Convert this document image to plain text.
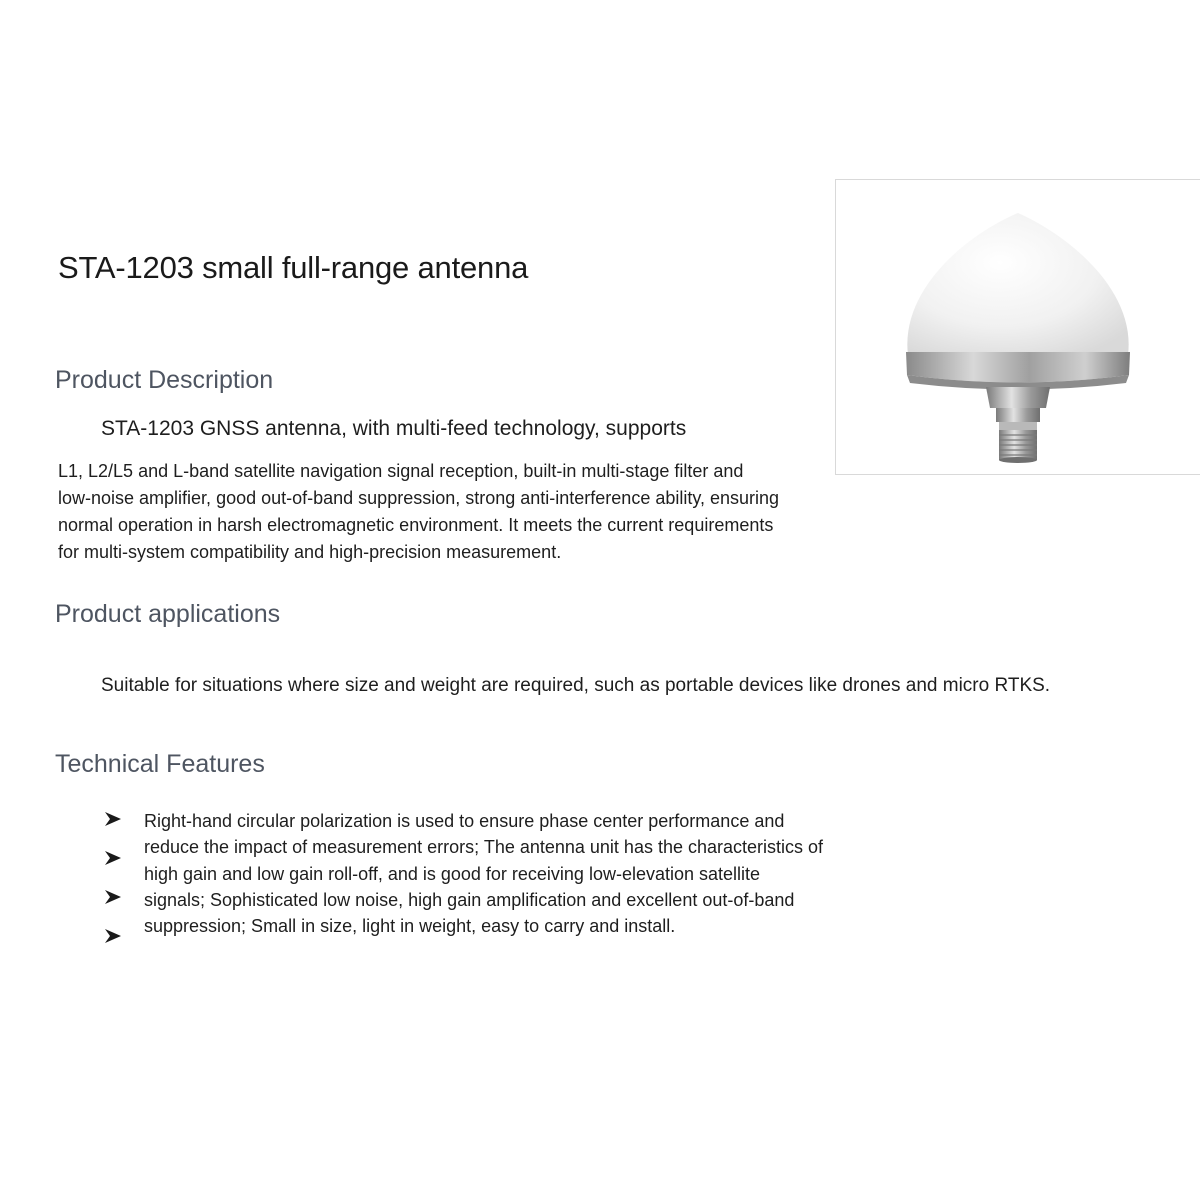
STA-1203 small full-range antenna
Product Description
STA-1203 GNSS antenna, with multi-feed technology, supports
L1, L2/L5 and L-band satellite navigation signal reception, built-in multi-stage filter and
low-noise amplifier, good out-of-band suppression, strong anti-interference ability, ensuring
normal operation in harsh electromagnetic environment. It meets the current requirements
for multi-system compatibility and high-precision measurement.
Product applications
Suitable for situations where size and weight are required, such as portable devices like drones and micro RTKS.
Technical Features
Right-hand circular polarization is used to ensure phase center performance and
reduce the impact of measurement errors; The antenna unit has the characteristics of
high gain and low gain roll-off, and is good for receiving low-elevation satellite
signals; Sophisticated low noise, high gain amplification and excellent out-of-band
suppression; Small in size, light in weight, easy to carry and install.
